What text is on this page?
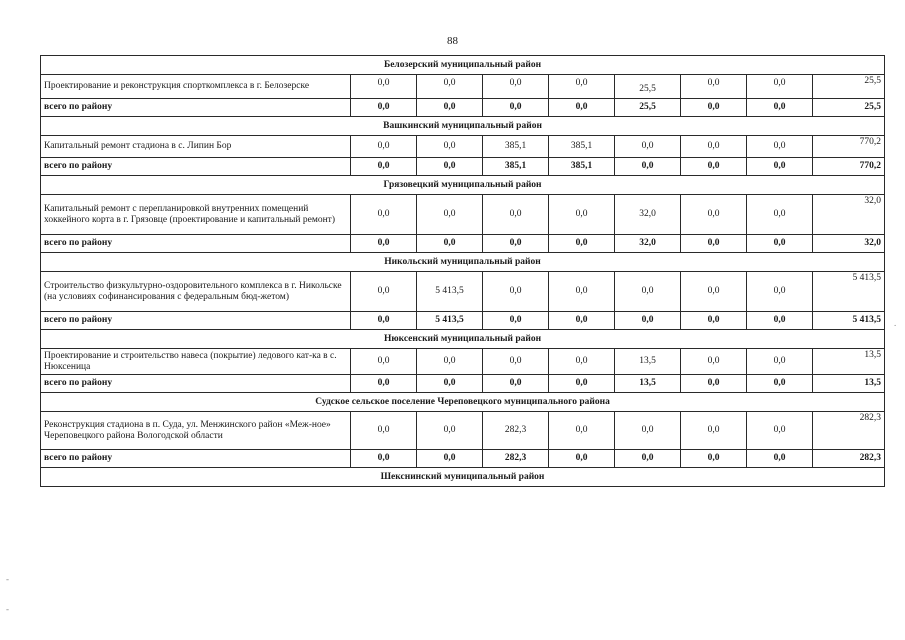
88
.
-
-
Белозерский муниципальный район								
Проектирование и реконструкция спорткомплекса в г. Белозерске	0,0	0,0	0,0	0,0	25,5	0,0	0,0	25,5
всего по району	0,0	0,0	0,0	0,0	25,5	0,0	0,0	25,5
Вашкинский муниципальный район								
Капитальный ремонт стадиона в с. Липин Бор	0,0	0,0	385,1	385,1	0,0	0,0	0,0	770,2
всего по району	0,0	0,0	385,1	385,1	0,0	0,0	0,0	770,2
Грязовецкий муниципальный район								
Капитальный ремонт с перепланировкой внутренних помещений хоккейного корта в г. Грязовце (проектирование и капитальный ремонт)	0,0	0,0	0,0	0,0	32,0	0,0	0,0	32,0
всего по району	0,0	0,0	0,0	0,0	32,0	0,0	0,0	32,0
Никольский муниципальный район								
Строительство физкультурно-оздоровительного комплекса в г. Никольске (на условиях софинансирования с федеральным бюд-жетом)	0,0	5 413,5	0,0	0,0	0,0	0,0	0,0	5 413,5
всего по району	0,0	5 413,5	0,0	0,0	0,0	0,0	0,0	5 413,5
Нюксенский муниципальный район								
Проектирование и строительство навеса (покрытие) ледового кат-ка в с. Нюксеница	0,0	0,0	0,0	0,0	13,5	0,0	0,0	13,5
всего по району	0,0	0,0	0,0	0,0	13,5	0,0	0,0	13,5
Судское сельское поселение Череповецкого муниципального района								
Реконструкция стадиона в п. Суда, ул. Менжинского район «Меж-ное» Череповецкого района Вологодской области	0,0	0,0	282,3	0,0	0,0	0,0	0,0	282,3
всего по району	0,0	0,0	282,3	0,0	0,0	0,0	0,0	282,3
Шекснинский муниципальный район								
